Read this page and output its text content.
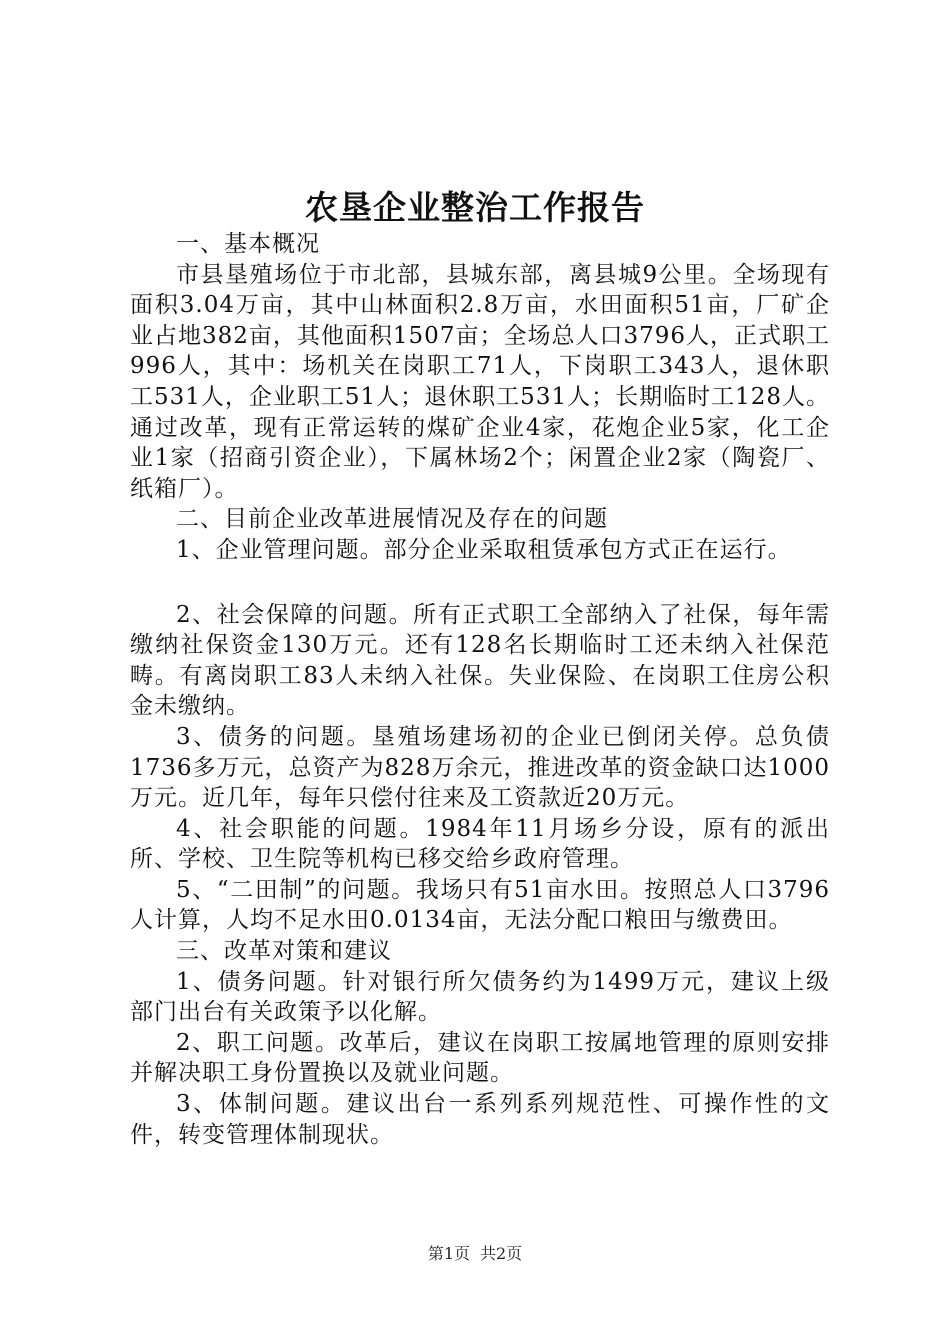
农垦企业整治工作报告

一、基本概况

市县垦殖场位于市北部，县城东部，离县城9公里。全场现有面积3.04万亩，其中山林面积2.8万亩，水田面积51亩，厂矿企业占地382亩，其他面积1507亩；全场总人口3796人，正式职工996人，其中：场机关在岗职工71人，下岗职工343人，退休职工531人，企业职工51人；退休职工531人；长期临时工128人。通过改革，现有正常运转的煤矿企业4家，花炮企业5家，化工企业1家（招商引资企业），下属林场2个；闲置企业2家（陶瓷厂、纸箱厂）。

二、目前企业改革进展情况及存在的问题

1、企业管理问题。部分企业采取租赁承包方式正在运行。

2、社会保障的问题。所有正式职工全部纳入了社保，每年需缴纳社保资金130万元。还有128名长期临时工还未纳入社保范畴。有离岗职工83人未纳入社保。失业保险、在岗职工住房公积金未缴纳。

3、债务的问题。垦殖场建场初的企业已倒闭关停。总负债1736多万元，总资产为828万余元，推进改革的资金缺口达1000万元。近几年，每年只偿付往来及工资款近20万元。

4、社会职能的问题。1984年11月场乡分设，原有的派出所、学校、卫生院等机构已移交给乡政府管理。

5、“二田制”的问题。我场只有51亩水田。按照总人口3796人计算，人均不足水田0.0134亩，无法分配口粮田与缴费田。

三、改革对策和建议

1、债务问题。针对银行所欠债务约为1499万元，建议上级部门出台有关政策予以化解。

2、职工问题。改革后，建议在岗职工按属地管理的原则安排并解决职工身份置换以及就业问题。

3、体制问题。建议出台一系列系列规范性、可操作性的文件，转变管理体制现状。

第1页 共2页
